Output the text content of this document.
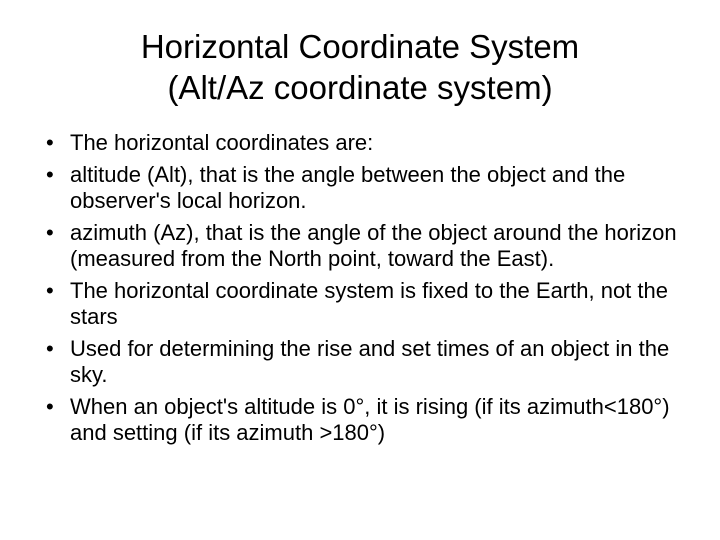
Horizontal Coordinate System
(Alt/Az coordinate system)
• The horizontal coordinates are:
• altitude (Alt), that is the angle between the object and the observer's local horizon.
• azimuth (Az), that is the angle of the object around the horizon (measured from the North point, toward the East).
• The horizontal coordinate system is fixed to the Earth, not the stars
• Used for determining the rise and set times of an object in the sky.
• When an object's altitude is 0°, it is rising (if its azimuth<180°) and setting (if its azimuth >180°)
